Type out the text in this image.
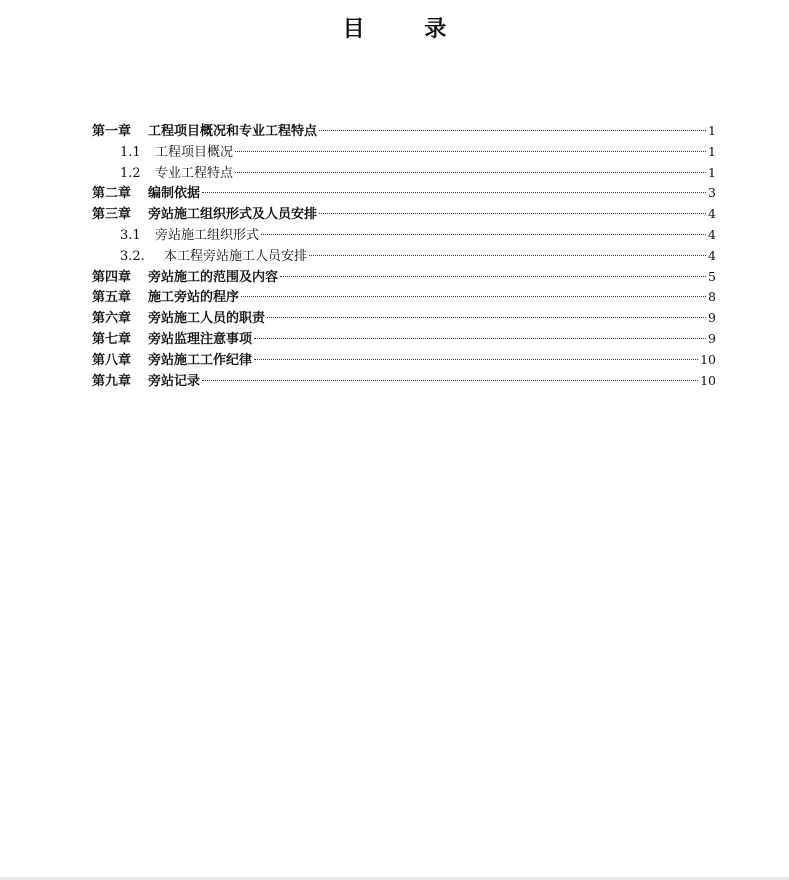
目 录
第一章 工程项目概况和专业工程特点	1
1.1 工程项目概况	1
1.2 专业工程特点	1
第二章 编制依据	3
第三章 旁站施工组织形式及人员安排	4
3.1 旁站施工组织形式	4
3.2. 本工程旁站施工人员安排	4
第四章 旁站施工的范围及内容	5
第五章 施工旁站的程序	8
第六章 旁站施工人员的职责	9
第七章 旁站监理注意事项	9
第八章 旁站施工工作纪律	10
第九章 旁站记录	10
